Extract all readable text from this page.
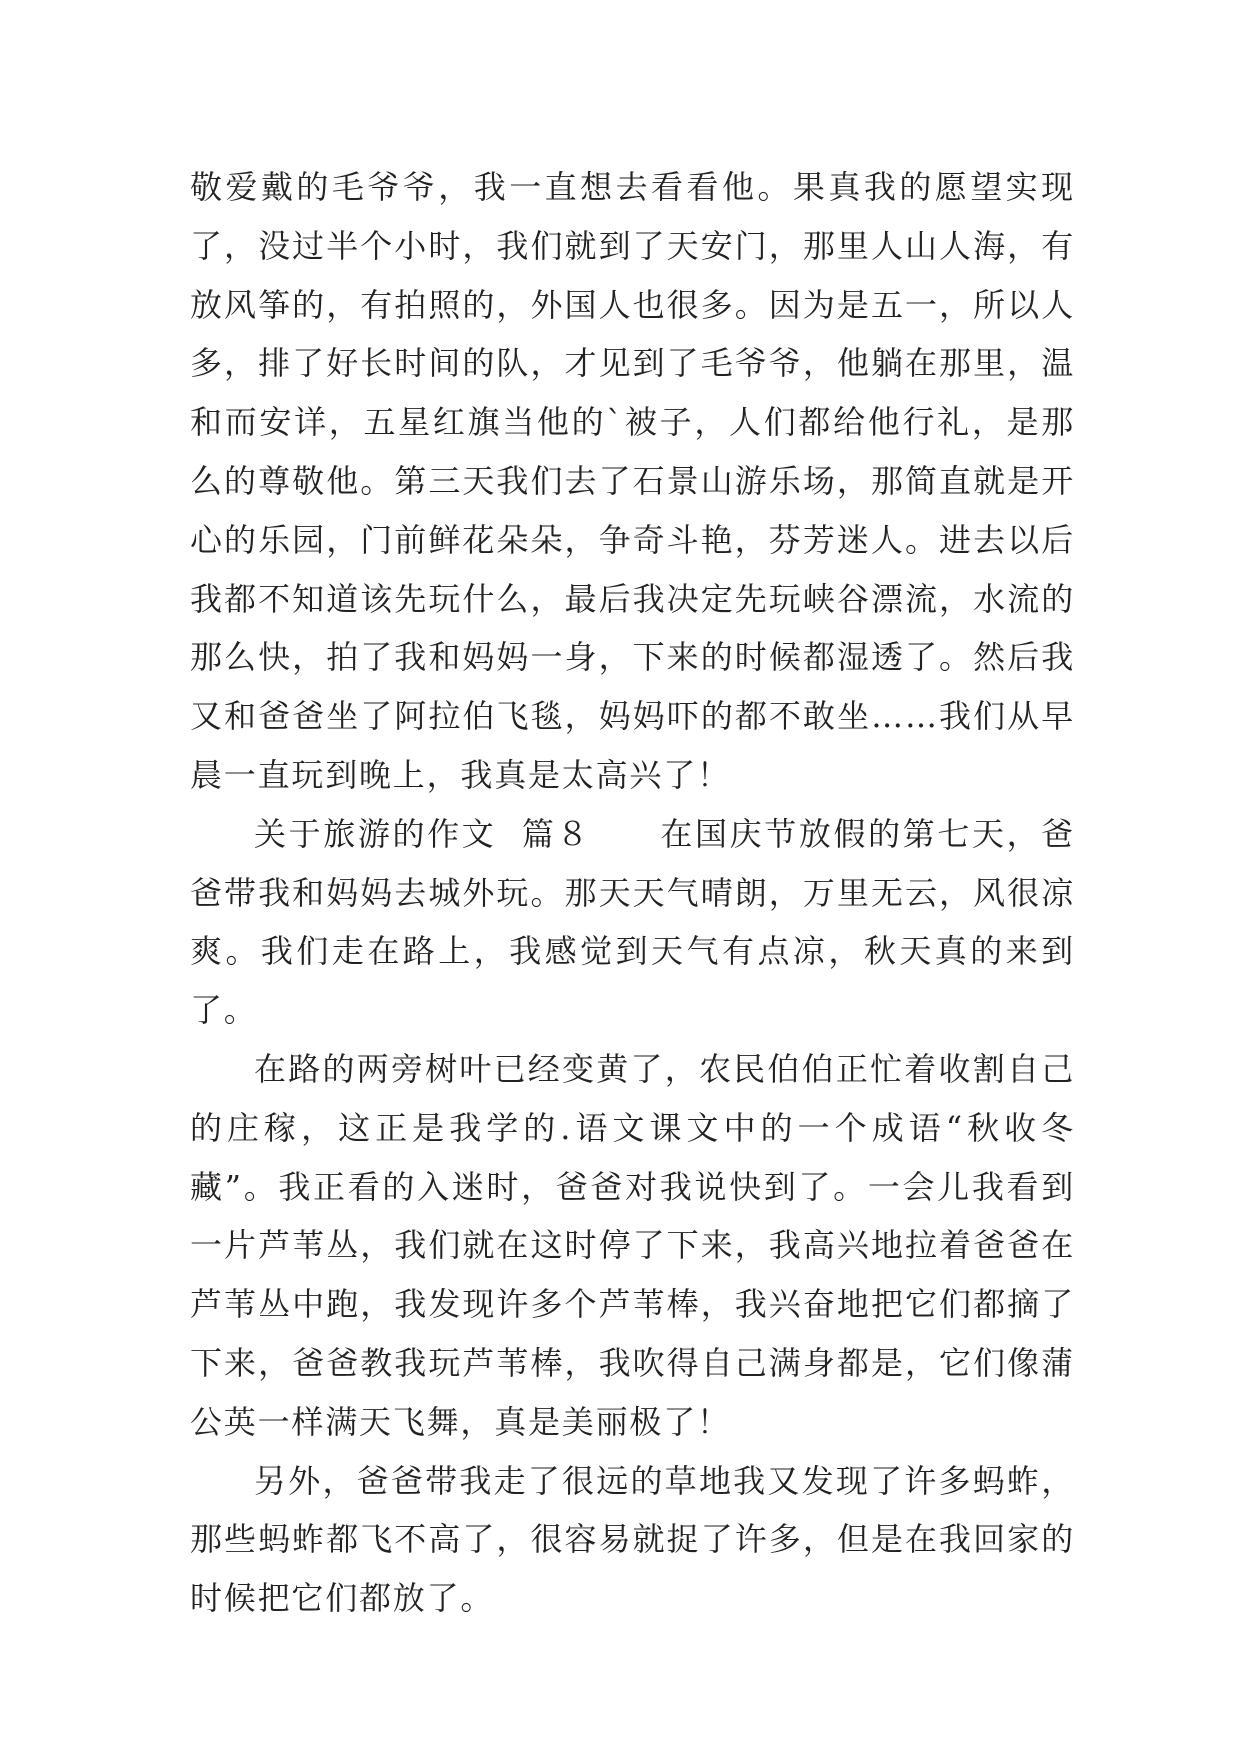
敬爱戴的毛爷爷，我一直想去看看他。果真我的愿望实现了，没过半个小时，我们就到了天安门，那里人山人海，有放风筝的，有拍照的，外国人也很多。因为是五一，所以人多，排了好长时间的队，才见到了毛爷爷，他躺在那里，温和而安详，五星红旗当他的`被子，人们都给他行礼，是那么的尊敬他。第三天我们去了石景山游乐场，那简直就是开心的乐园，门前鲜花朵朵，争奇斗艳，芬芳迷人。进去以后我都不知道该先玩什么，最后我决定先玩峡谷漂流，水流的那么快，拍了我和妈妈一身，下来的时候都湿透了。然后我又和爸爸坐了阿拉伯飞毯，妈妈吓的都不敢坐……我们从早晨一直玩到晚上，我真是太高兴了！

关于旅游的作文  篇８　　 在国庆节放假的第七天，爸爸带我和妈妈去城外玩。那天天气晴朗，万里无云，风很凉爽。我们走在路上，我感觉到天气有点凉，秋天真的来到了。

在路的两旁树叶已经变黄了，农民伯伯正忙着收割自己的庄稼，这正是我学的.语文课文中的一个成语“秋收冬藏”。我正看的入迷时，爸爸对我说快到了。一会儿我看到一片芦苇丛，我们就在这时停了下来，我高兴地拉着爸爸在芦苇丛中跑，我发现许多个芦苇棒，我兴奋地把它们都摘了下来，爸爸教我玩芦苇棒，我吹得自己满身都是，它们像蒲公英一样满天飞舞，真是美丽极了！

另外，爸爸带我走了很远的草地我又发现了许多蚂蚱，那些蚂蚱都飞不高了，很容易就捉了许多，但是在我回家的时候把它们都放了。
